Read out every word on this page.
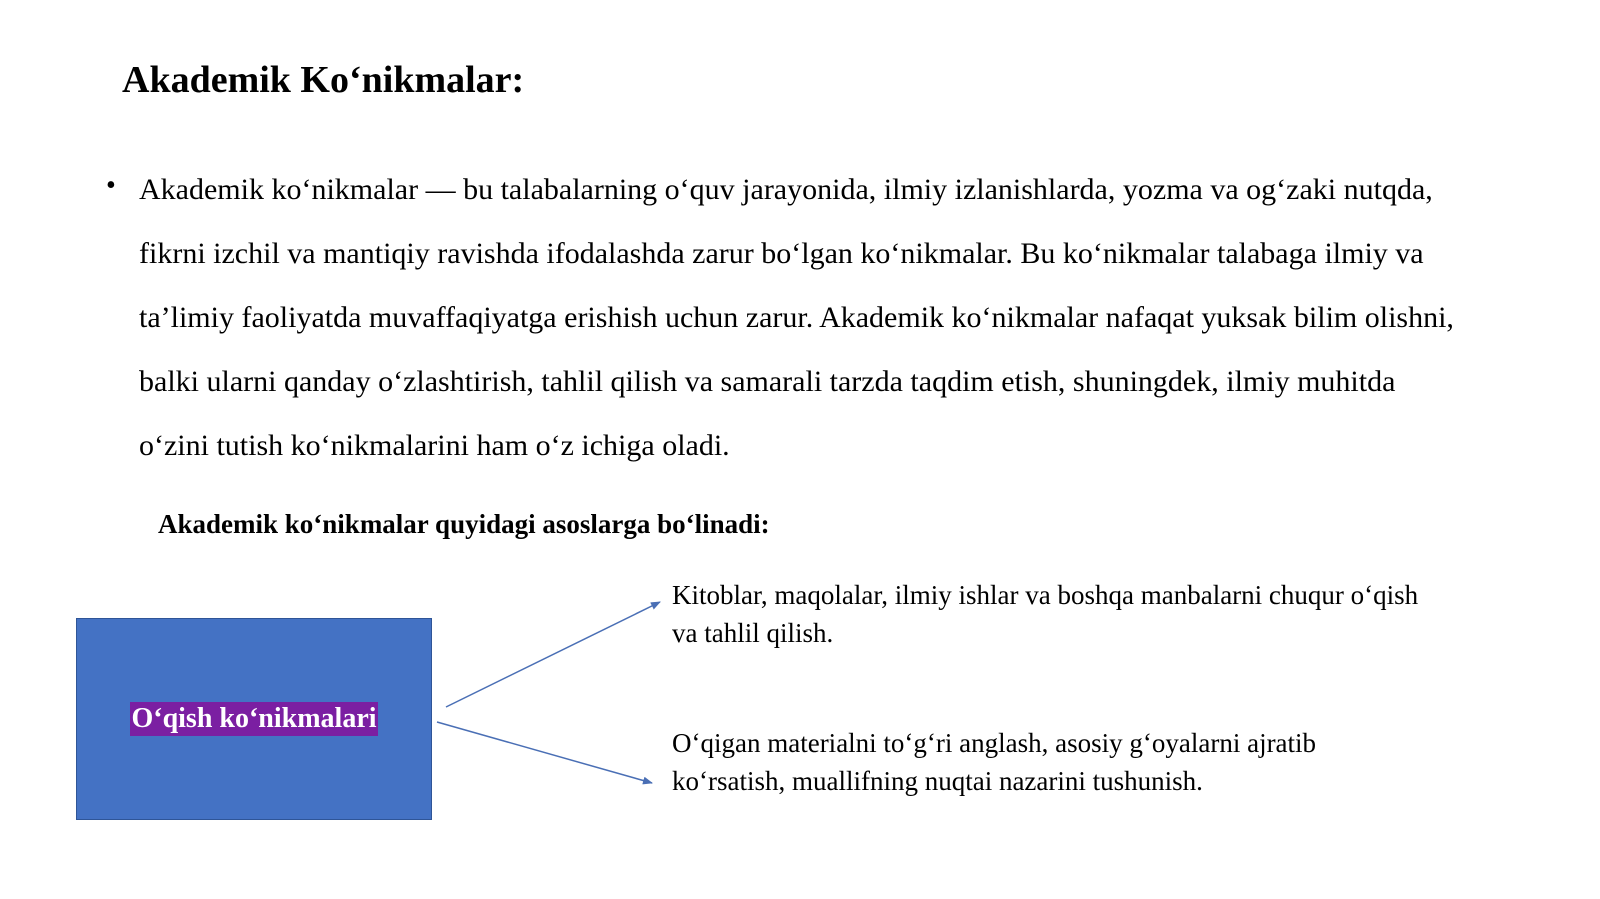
Akademik Ko‘nikmalar:
• Akademik ko‘nikmalar — bu talabalarning o‘quv jarayonida, ilmiy izlanishlarda, yozma va og‘zaki nutqda, fikrni izchil va mantiqiy ravishda ifodalashda zarur bo‘lgan ko‘nikmalar. Bu ko‘nikmalar talabaga ilmiy va ta’limiy faoliyatda muvaffaqiyatga erishish uchun zarur. Akademik ko‘nikmalar nafaqat yuksak bilim olishni, balki ularni qanday o‘zlashtirish, tahlil qilish va samarali tarzda taqdim etish, shuningdek, ilmiy muhitda o‘zini tutish ko‘nikmalarini ham o‘z ichiga oladi.

Akademik ko‘nikmalar quyidagi asoslarga bo‘linadi:

O‘qish ko‘nikmalari

Kitoblar, maqolalar, ilmiy ishlar va boshqa manbalarni chuqur o‘qish va tahlil qilish.

O‘qigan materialni to‘g‘ri anglash, asosiy g‘oyalarni ajratib ko‘rsatish, muallifning nuqtai nazarini tushunish.
